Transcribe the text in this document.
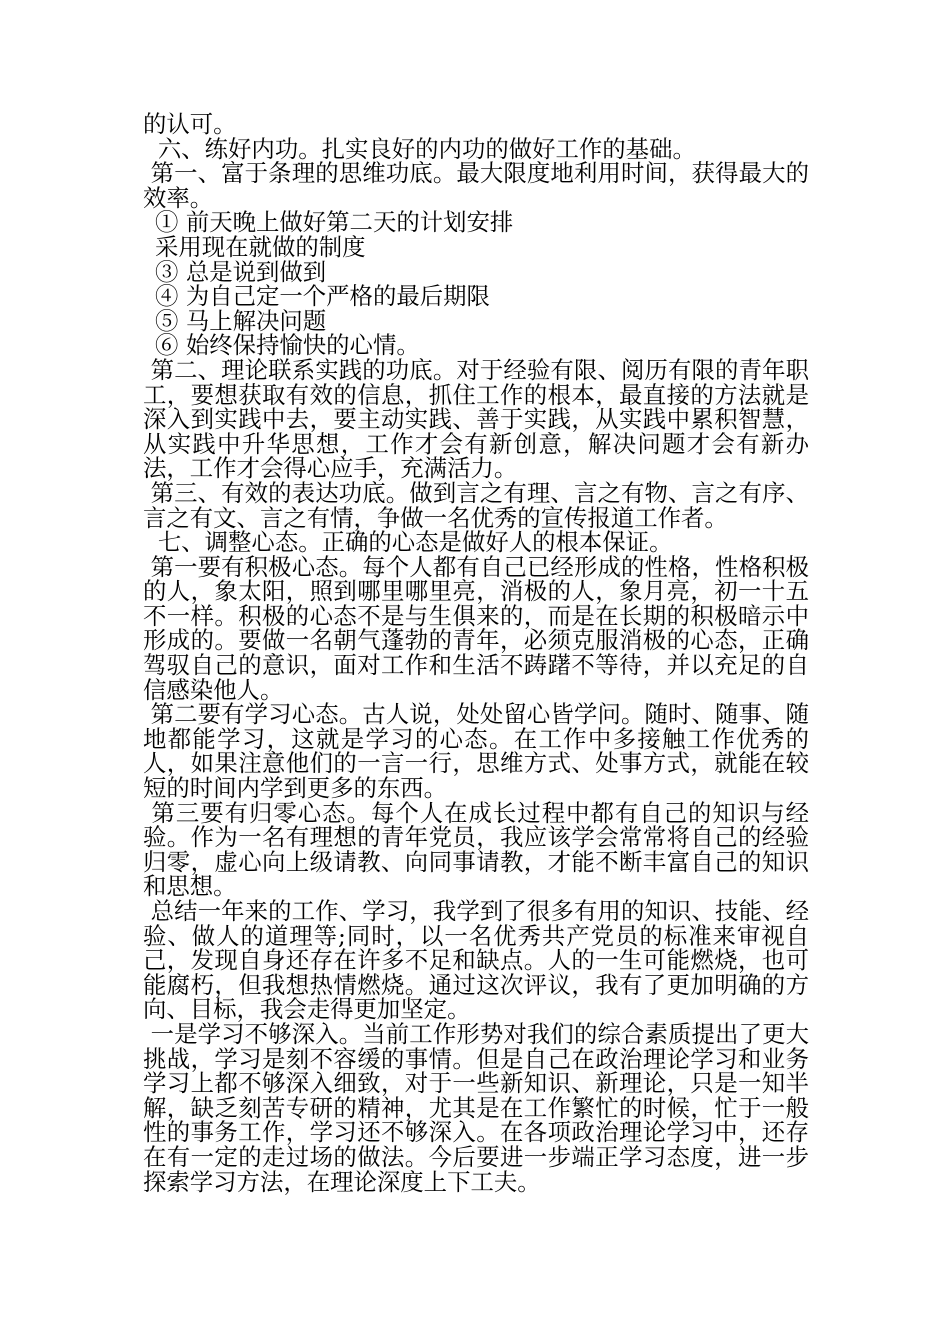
的认可。

六、练好内功。扎实良好的内功的做好工作的基础。

第一、富于条理的思维功底。最大限度地利用时间，获得最大的效率。

① 前天晚上做好第二天的计划安排

采用现在就做的制度

③ 总是说到做到

④ 为自己定一个严格的最后期限

⑤ 马上解决问题

⑥ 始终保持愉快的心情。

第二、理论联系实践的功底。对于经验有限、阅历有限的青年职工，要想获取有效的信息，抓住工作的根本，最直接的方法就是深入到实践中去，要主动实践、善于实践，从实践中累积智慧，从实践中升华思想，工作才会有新创意，解决问题才会有新办法，工作才会得心应手，充满活力。

第三、有效的表达功底。做到言之有理、言之有物、言之有序、言之有文、言之有情，争做一名优秀的宣传报道工作者。

七、调整心态。正确的心态是做好人的根本保证。

第一要有积极心态。每个人都有自己已经形成的性格，性格积极的人，象太阳，照到哪里哪里亮，消极的人，象月亮，初一十五不一样。积极的心态不是与生俱来的，而是在长期的积极暗示中形成的。要做一名朝气蓬勃的青年，必须克服消极的心态，正确驾驭自己的意识，面对工作和生活不踌躇不等待，并以充足的自信感染他人。

第二要有学习心态。古人说，处处留心皆学问。随时、随事、随地都能学习，这就是学习的心态。在工作中多接触工作优秀的人，如果注意他们的一言一行，思维方式、处事方式，就能在较短的时间内学到更多的东西。

第三要有归零心态。每个人在成长过程中都有自己的知识与经验。作为一名有理想的青年党员，我应该学会常常将自己的经验归零，虚心向上级请教、向同事请教，才能不断丰富自己的知识和思想。

总结一年来的工作、学习，我学到了很多有用的知识、技能、经验、做人的道理等;同时，以一名优秀共产党员的标准来审视自己，发现自身还存在许多不足和缺点。人的一生可能燃烧，也可能腐朽，但我想热情燃烧。通过这次评议，我有了更加明确的方向、目标，我会走得更加坚定。

一是学习不够深入。当前工作形势对我们的综合素质提出了更大挑战，学习是刻不容缓的事情。但是自己在政治理论学习和业务学习上都不够深入细致，对于一些新知识、新理论，只是一知半解，缺乏刻苦专研的精神，尤其是在工作繁忙的时候，忙于一般性的事务工作，学习还不够深入。在各项政治理论学习中，还存在有一定的走过场的做法。今后要进一步端正学习态度，进一步探索学习方法，在理论深度上下工夫。
